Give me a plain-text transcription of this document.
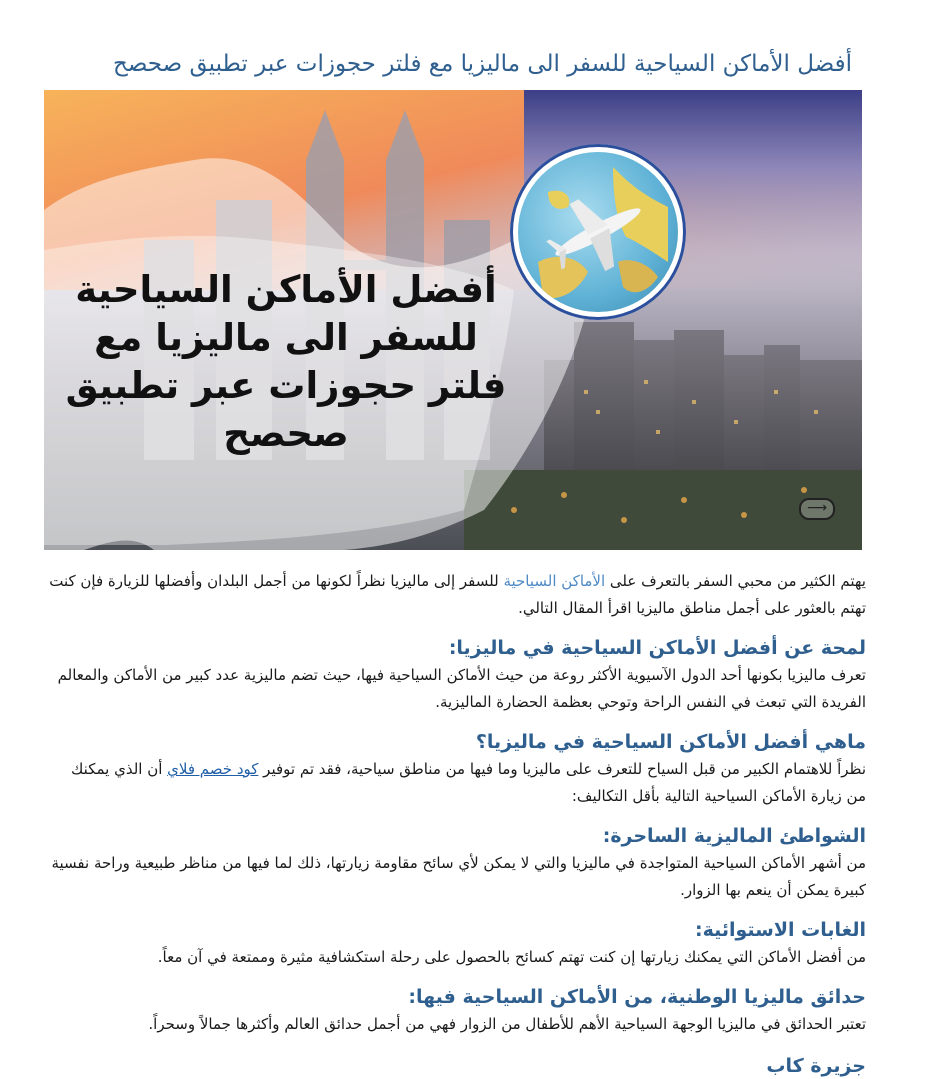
أفضل الأماكن السياحية للسفر الى ماليزيا مع فلتر حجوزات عبر تطبيق صحصح
أفضل الأماكن السياحية للسفر الى ماليزيا مع فلتر حجوزات عبر تطبيق صحصح
⟶

يهتم الكثير من محبي السفر بالتعرف على الأماكن السياحية للسفر إلى ماليزيا نظراً لكونها من أجمل البلدان وأفضلها للزيارة فإن كنت تهتم بالعثور على أجمل مناطق ماليزيا اقرأ المقال التالي.

لمحة عن أفضل الأماكن السياحية في ماليزيا:

تعرف ماليزيا بكونها أحد الدول الآسيوية الأكثر روعة من حيث الأماكن السياحية فيها، حيث تضم ماليزية عدد كبير من الأماكن والمعالم الفريدة التي تبعث في النفس الراحة وتوحي بعظمة الحضارة الماليزية.

ماهي أفضل الأماكن السياحية في ماليزيا؟

نظراً للاهتمام الكبير من قبل السياح للتعرف على ماليزيا وما فيها من مناطق سياحية، فقد تم توفير كود خصم فلاي أن الذي يمكنك من زيارة الأماكن السياحية التالية بأقل التكاليف:

الشواطئ الماليزية الساحرة:

من أشهر الأماكن السياحية المتواجدة في ماليزيا والتي لا يمكن لأي سائح مقاومة زيارتها، ذلك لما فيها من مناظر طبيعية وراحة نفسية كبيرة يمكن أن ينعم بها الزوار.

الغابات الاستوائية:

من أفضل الأماكن التي يمكنك زيارتها إن كنت تهتم كسائح بالحصول على رحلة استكشافية مثيرة وممتعة في آن معاً.

حدائق ماليزيا الوطنية، من الأماكن السياحية فيها:

تعتبر الحدائق في ماليزيا الوجهة السياحية الأهم للأطفال من الزوار فهي من أجمل حدائق العالم وأكثرها جمالاً وسحراً.

جزيرة كاب
